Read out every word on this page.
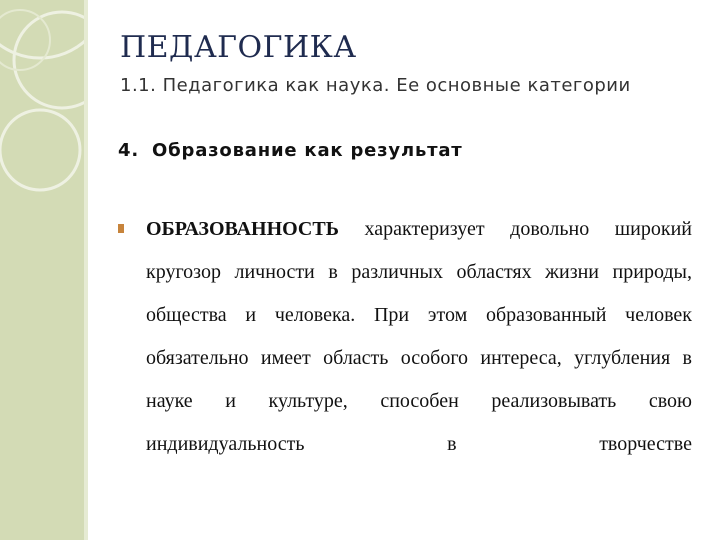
ПЕДАГОГИКА
1.1. Педагогика как наука. Ее основные категории
4. Образование как результат
ОБРАЗОВАННОСТЬ характеризует довольно широкий кругозор личности в различных областях жизни природы, общества и человека. При этом образованный человек обязательно имеет область особого интереса, углубления в науке и культуре, способен реализовывать свою индивидуальность в творчестве
